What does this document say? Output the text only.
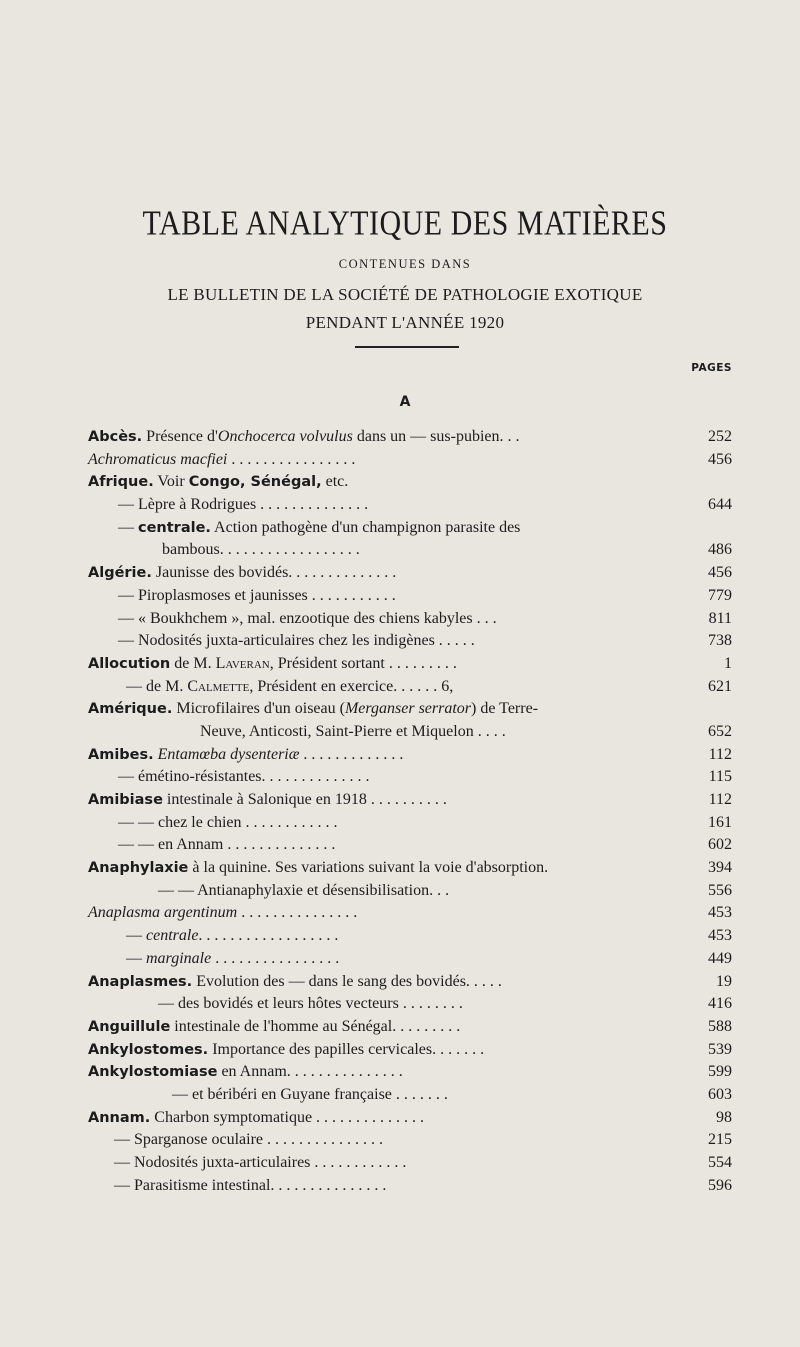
TABLE ANALYTIQUE DES MATIÈRES
CONTENUES DANS
LE BULLETIN DE LA SOCIÉTÉ DE PATHOLOGIE EXOTIQUE
PENDANT L'ANNÉE 1920
PAGES
A
Abcès. Présence d'Onchocerca volvulus dans un — sus-pubien. . .	252
Achromaticus macfiei . . . . . . . . . . . . . . . .	456
Afrique. Voir Congo, Sénégal, etc.
— Lèpre à Rodrigues . . . . . . . . . . . . . .	644
— centrale. Action pathogène d'un champignon parasite des
bambous. . . . . . . . . . . . . . . . . .	486
Algérie. Jaunisse des bovidés. . . . . . . . . . . . . .	456
— Piroplasmoses et jaunisses . . . . . . . . . . .	779
— « Boukhchem », mal. enzootique des chiens kabyles . . .	811
— Nodosités juxta-articulaires chez les indigènes . . . . .	738
Allocution de M. Laveran, Président sortant . . . . . . . . .	1
— de M. Calmette, Président en exercice. . . . . . 6,	621
Amérique. Microfilaires d'un oiseau (Merganser serrator) de Terre-
Neuve, Anticosti, Saint-Pierre et Miquelon . . . .	652
Amibes. Entamœba dysenteriæ . . . . . . . . . . . . .	112
— émétino-résistantes. . . . . . . . . . . . . .	115
Amibiase intestinale à Salonique en 1918 . . . . . . . . . .	112
— — chez le chien . . . . . . . . . . . .	161
— — en Annam . . . . . . . . . . . . . .	602
Anaphylaxie à la quinine. Ses variations suivant la voie d'absorption.	394
— — Antianaphylaxie et désensibilisation. . .	556
Anaplasma argentinum . . . . . . . . . . . . . . .	453
— centrale. . . . . . . . . . . . . . . . . .	453
— marginale . . . . . . . . . . . . . . . .	449
Anaplasmes. Evolution des — dans le sang des bovidés. . . . .	19
— des bovidés et leurs hôtes vecteurs . . . . . . . .	416
Anguillule intestinale de l'homme au Sénégal. . . . . . . . .	588
Ankylostomes. Importance des papilles cervicales. . . . . . .	539
Ankylostomiase en Annam. . . . . . . . . . . . . . .	599
— et béribéri en Guyane française . . . . . . .	603
Annam. Charbon symptomatique . . . . . . . . . . . . . .	98
— Sparganose oculaire . . . . . . . . . . . . . . .	215
— Nodosités juxta-articulaires . . . . . . . . . . . .	554
— Parasitisme intestinal. . . . . . . . . . . . . . .	596
